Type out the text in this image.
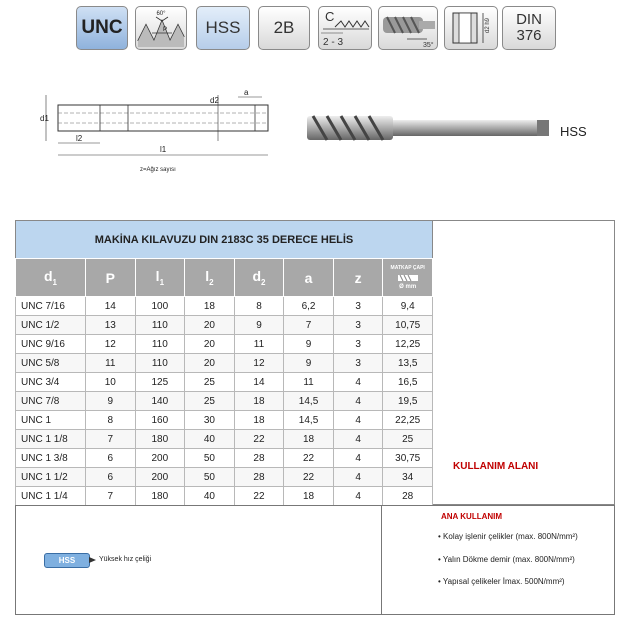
UNC
60°
P HSS 2B
C
2 - 3	35°
d2 h9 DIN
376
d1
d2
a
l2
l1
z=Ağız sayısı
HSS
MAKİNA KILAVUZU DIN 2183C 35 DERECE HELİS
$d_1$	P	$l_1$	$l_2$	$d_2$	a	z	MATKAP ÇAPI
Ø mm

UNC 7/16	14	100	18	8	6,2	3	9,4
UNC 1/2	13	110	20	9	7	3	10,75
UNC 9/16	12	110	20	11	9	3	12,25
UNC 5/8	11	110	20	12	9	3	13,5
UNC 3/4	10	125	25	14	11	4	16,5
UNC 7/8	9	140	25	18	14,5	4	19,5
UNC 1	8	160	30	18	14,5	4	22,25
UNC 1 1/8	7	180	40	22	18	4	25
UNC 1 3/8	6	200	50	28	22	4	30,75
UNC 1 1/2	6	200	50	28	22	4	34
UNC 1 1/4	7	180	40	22	18	4	28
KULLANIM ALANI
ANA KULLANIM
• Kolay işlenir çelikler (max. 800N/mm²)
• Yalın Dökme demir (max. 800N/mm²)
• Yapısal çelikeler İmax. 500N/mm²)
HSS	Yüksek hız çeliği
